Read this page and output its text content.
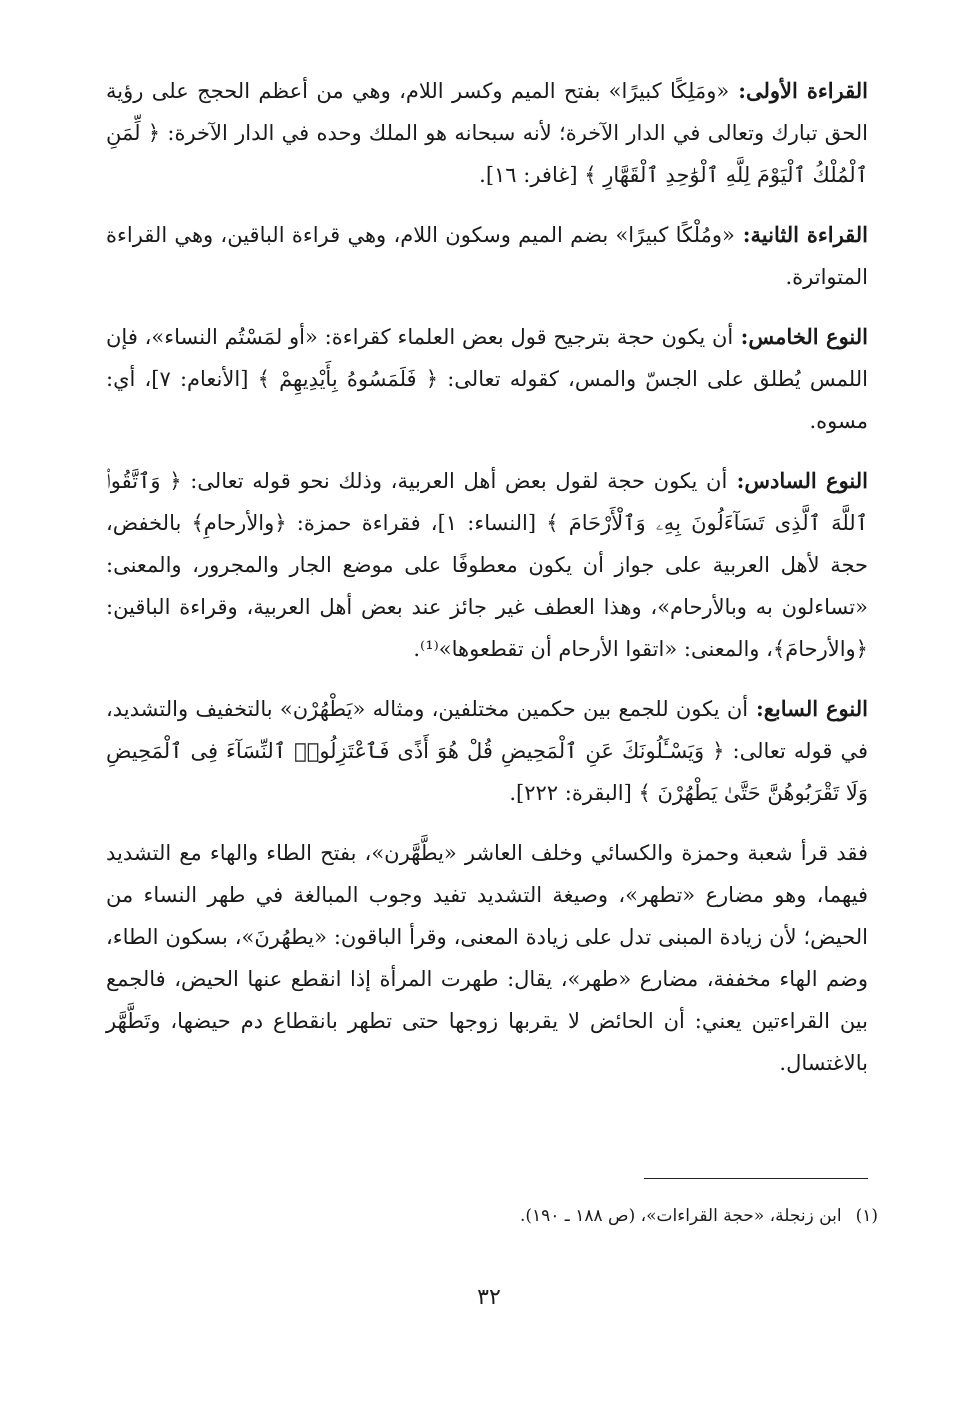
القراءة الأولى: «ومَلِكًا كبيرًا» بفتح الميم وكسر اللام، وهي من أعظم الحجج على رؤية الحق تبارك وتعالى في الدار الآخرة؛ لأنه سبحانه هو الملك وحده في الدار الآخرة: ﴿ لِّمَنِ ٱلْمُلْكُ ٱلْيَوْمَ لِلَّهِ ٱلْوَٰحِدِ ٱلْقَهَّارِ ﴾ [غافر: ١٦].

القراءة الثانية: «ومُلْكًا كبيرًا» بضم الميم وسكون اللام، وهي قراءة الباقين، وهي القراءة المتواترة.

النوع الخامس: أن يكون حجة بترجيح قول بعض العلماء كقراءة: «أو لمَسْتُم النساء»، فإن اللمس يُطلق على الجسّ والمس، كقوله تعالى: ﴿ فَلَمَسُوهُ بِأَيْدِيهِمْ ﴾ [الأنعام: ٧]، أي: مسوه.

النوع السادس: أن يكون حجة لقول بعض أهل العربية، وذلك نحو قوله تعالى: ﴿ وَٱتَّقُوا۟ ٱللَّهَ ٱلَّذِى تَسَآءَلُونَ بِهِۦ وَٱلْأَرْحَامَ ﴾ [النساء: ١]، فقراءة حمزة: ﴿والأرحامِ﴾ بالخفض، حجة لأهل العربية على جواز أن يكون معطوفًا على موضع الجار والمجرور، والمعنى: «تساءلون به وبالأرحام»، وهذا العطف غير جائز عند بعض أهل العربية، وقراءة الباقين: ﴿والأرحامَ﴾، والمعنى: «اتقوا الأرحام أن تقطعوها»⁽¹⁾.

النوع السابع: أن يكون للجمع بين حكمين مختلفين، ومثاله «يَطْهُرْن» بالتخفيف والتشديد، في قوله تعالى: ﴿ وَيَسْـَٔلُونَكَ عَنِ ٱلْمَحِيضِ قُلْ هُوَ أَذًى فَٱعْتَزِلُوا۟ ٱلنِّسَآءَ فِى ٱلْمَحِيضِ وَلَا تَقْرَبُوهُنَّ حَتَّىٰ يَطْهُرْنَ ﴾ [البقرة: ٢٢٢].

فقد قرأ شعبة وحمزة والكسائي وخلف العاشر «يطَّهَّرن»، بفتح الطاء والهاء مع التشديد فيهما، وهو مضارع «تطهر»، وصيغة التشديد تفيد وجوب المبالغة في طهر النساء من الحيض؛ لأن زيادة المبنى تدل على زيادة المعنى، وقرأ الباقون: «يطهُرنَ»، بسكون الطاء، وضم الهاء مخففة، مضارع «طهر»، يقال: طهرت المرأة إذا انقطع عنها الحيض، فالجمع بين القراءتين يعني: أن الحائض لا يقربها زوجها حتى تطهر بانقطاع دم حيضها، وتَطَّهَّر بالاغتسال.

(١)ابن زنجلة، «حجة القراءات»، (ص ١٨٨ ـ ١٩٠).
٣٢
